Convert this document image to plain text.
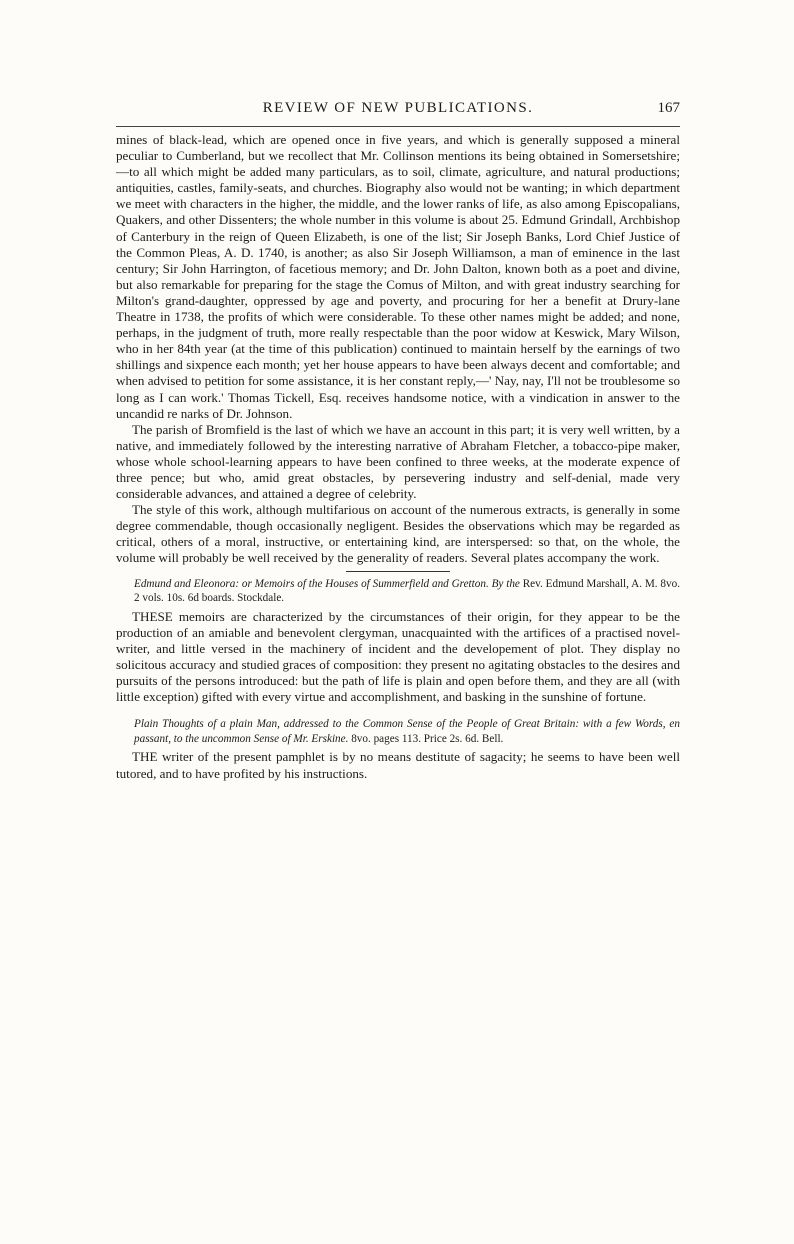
REVIEW OF NEW PUBLICATIONS.	167

mines of black-lead, which are opened once in five years, and which is generally supposed a mineral peculiar to Cumberland, but we recollect that Mr. Collinson mentions its being obtained in Somersetshire;—to all which might be added many particulars, as to soil, climate, agriculture, and natural productions; antiquities, castles, family-seats, and churches. Biography also would not be wanting; in which department we meet with characters in the higher, the middle, and the lower ranks of life, as also among Episcopalians, Quakers, and other Dissenters; the whole number in this volume is about 25. Edmund Grindall, Archbishop of Canterbury in the reign of Queen Elizabeth, is one of the list; Sir Joseph Banks, Lord Chief Justice of the Common Pleas, A. D. 1740, is another; as also Sir Joseph Williamson, a man of eminence in the last century; Sir John Harrington, of facetious memory; and Dr. John Dalton, known both as a poet and divine, but also remarkable for preparing for the stage the Comus of Milton, and with great industry searching for Milton's grand-daughter, oppressed by age and poverty, and procuring for her a benefit at Drury-lane Theatre in 1738, the profits of which were considerable. To these other names might be added; and none, perhaps, in the judgment of truth, more really respectable than the poor widow at Keswick, Mary Wilson, who in her 84th year (at the time of this publication) continued to maintain herself by the earnings of two shillings and sixpence each month; yet her house appears to have been always decent and comfortable; and when advised to petition for some assistance, it is her constant reply,—' Nay, nay, I'll not be troublesome so long as I can work.' Thomas Tickell, Esq. receives handsome notice, with a vindication in answer to the uncandid re narks of Dr. Johnson.

The parish of Bromfield is the last of which we have an account in this part; it is very well written, by a native, and immediately followed by the interesting narrative of Abraham Fletcher, a tobacco-pipe maker, whose whole school-learning appears to have been confined to three weeks, at the moderate expence of three pence; but who, amid great obstacles, by persevering industry and self-denial, made very considerable advances, and attained a degree of celebrity.

The style of this work, although multifarious on account of the numerous extracts, is generally in some degree commendable, though occasionally negligent. Besides the observations which may be regarded as critical, others of a moral, instructive, or entertaining kind, are interspersed: so that, on the whole, the volume will probably be well received by the generality of readers. Several plates accompany the work.

Edmund and Eleonora: or Memoirs of the Houses of Summerfield and Gretton. By the Rev. Edmund Marshall, A. M. 8vo. 2 vols. 10s. 6d boards. Stockdale.

THESE memoirs are characterized by the circumstances of their origin, for they appear to be the production of an amiable and benevolent clergyman, unacquainted with the artifices of a practised novel-writer, and little versed in the machinery of incident and the developement of plot. They display no solicitous accuracy and studied graces of composition: they present no agitating obstacles to the desires and pursuits of the persons introduced: but the path of life is plain and open before them, and they are all (with little exception) gifted with every virtue and accomplishment, and basking in the sunshine of fortune.

Plain Thoughts of a plain Man, addressed to the Common Sense of the People of Great Britain: with a few Words, en passant, to the uncommon Sense of Mr. Erskine. 8vo. pages 113. Price 2s. 6d. Bell.

THE writer of the present pamphlet is by no means destitute of sagacity; he seems to have been well tutored, and to have profited by his instructions.
